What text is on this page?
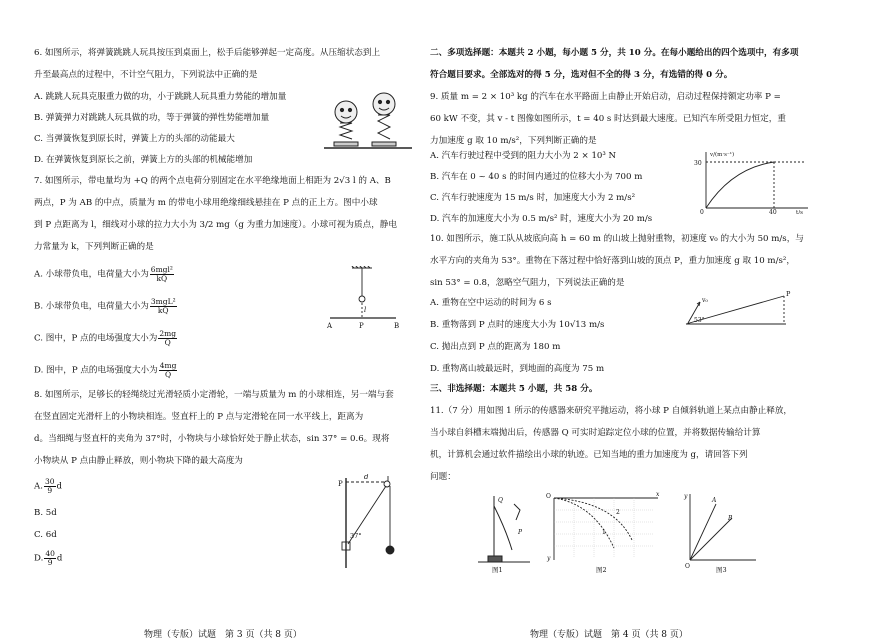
6. 如图所示，将弹簧跳跳人玩具按压到桌面上，松手后能够弹起一定高度。从压缩状态到上
升至最高点的过程中，不计空气阻力，下列说法中正确的是
A. 跳跳人玩具克服重力做的功，小于跳跳人玩具重力势能的增加量
B. 弹簧弹力对跳跳人玩具做的功，等于弹簧的弹性势能增加量
C. 当弹簧恢复到原长时，弹簧上方的头部的动能最大
D. 在弹簧恢复到原长之前，弹簧上方的头部的机械能增加
7. 如图所示，带电量均为 +Q 的两个点电荷分别固定在水平绝缘地面上相距为 2√3 l 的 A、B
两点，P 为 AB 的中点，质量为 m 的带电小球用绝缘细线悬挂在 P 点的正上方。图中小球
到 P 点距离为 l，细线对小球的拉力大小为 3/2 mg（g 为重力加速度）。小球可视为质点，静电
力常量为 k，下列判断正确的是
A. 小球带负电，电荷量大小为 $\frac{\text{6mgl²}}{kQ}$
B. 小球带负电，电荷量大小为 $\frac{\text{3mgL²}}{kQ}$
C. 图中，P 点的电场强度大小为 $\frac{2mg}{Q}$
D. 图中，P 点的电场强度大小为 $\frac{4mg}{Q}$
l
A	P	B
8. 如图所示，足够长的轻绳绕过光滑轻质小定滑轮，一端与质量为 m 的小球相连，另一端与套
在竖直固定光滑杆上的小物块相连。竖直杆上的 P 点与定滑轮在同一水平线上，距离为
d。当细绳与竖直杆的夹角为 37°时，小物块与小球恰好处于静止状态，sin 37° = 0.6。现将
小物块从 P 点由静止释放，则小物块下降的最大高度为
A. $\frac{30}{9}$ d
B. 5d
C. 6d
D. $\frac{40}{9}$ d
P
d
37°
物理（专版）试题　第 3 页（共 8 页）
二、多项选择题：本题共 2 小题，每小题 5 分，共 10 分。在每小题给出的四个选项中，有多项
符合题目要求。全部选对的得 5 分，选对但不全的得 3 分，有选错的得 0 分。
9. 质量 m = 2 × 10³ kg 的汽车在水平路面上由静止开始启动，启动过程保持额定功率 P =
60 kW 不变，其 v - t 图像如图所示，t = 40 s 时达到最大速度。已知汽车所受阻力恒定，重
力加速度 g 取 10 m/s²，下列判断正确的是
A. 汽车行驶过程中受到的阻力大小为 2 × 10³ N
B. 汽车在 0 ~ 40 s 的时间内通过的位移大小为 700 m
C. 汽车行驶速度为 15 m/s 时，加速度大小为 2 m/s²
D. 汽车的加速度大小为 0.5 m/s² 时，速度大小为 20 m/s
v/(m·s⁻¹)
30
0	40	t/s
10. 如图所示，施工队从坡底向高 h = 60 m 的山坡上抛射重物，初速度 v₀ 的大小为 50 m/s，与
水平方向的夹角为 53°。重物在下落过程中恰好落到山坡的顶点 P，重力加速度 g 取 10 m/s²，
sin 53° = 0.8，忽略空气阻力，下列说法正确的是
A. 重物在空中运动的时间为 6 s
B. 重物落到 P 点时的速度大小为 10√13 m/s
C. 抛出点到 P 点的距离为 180 m
D. 重物离山坡最远时，到地面的高度为 75 m
v₀
53°
P
三、非选择题：本题共 5 小题，共 58 分。
11.（7 分）用如图 1 所示的传感器来研究平抛运动，将小球 P 自倾斜轨道上某点由静止释放，
当小球自斜槽末端抛出后，传感器 Q 可实时追踪定位小球的位置，并将数据传输给计算
机，计算机会通过软件描绘出小球的轨迹。已知当地的重力加速度为 g，请回答下列
问题：
图1
Q
P
O	x
y
1
2
图2
y
A
B
O	图3
物理（专版）试题　第 4 页（共 8 页）
